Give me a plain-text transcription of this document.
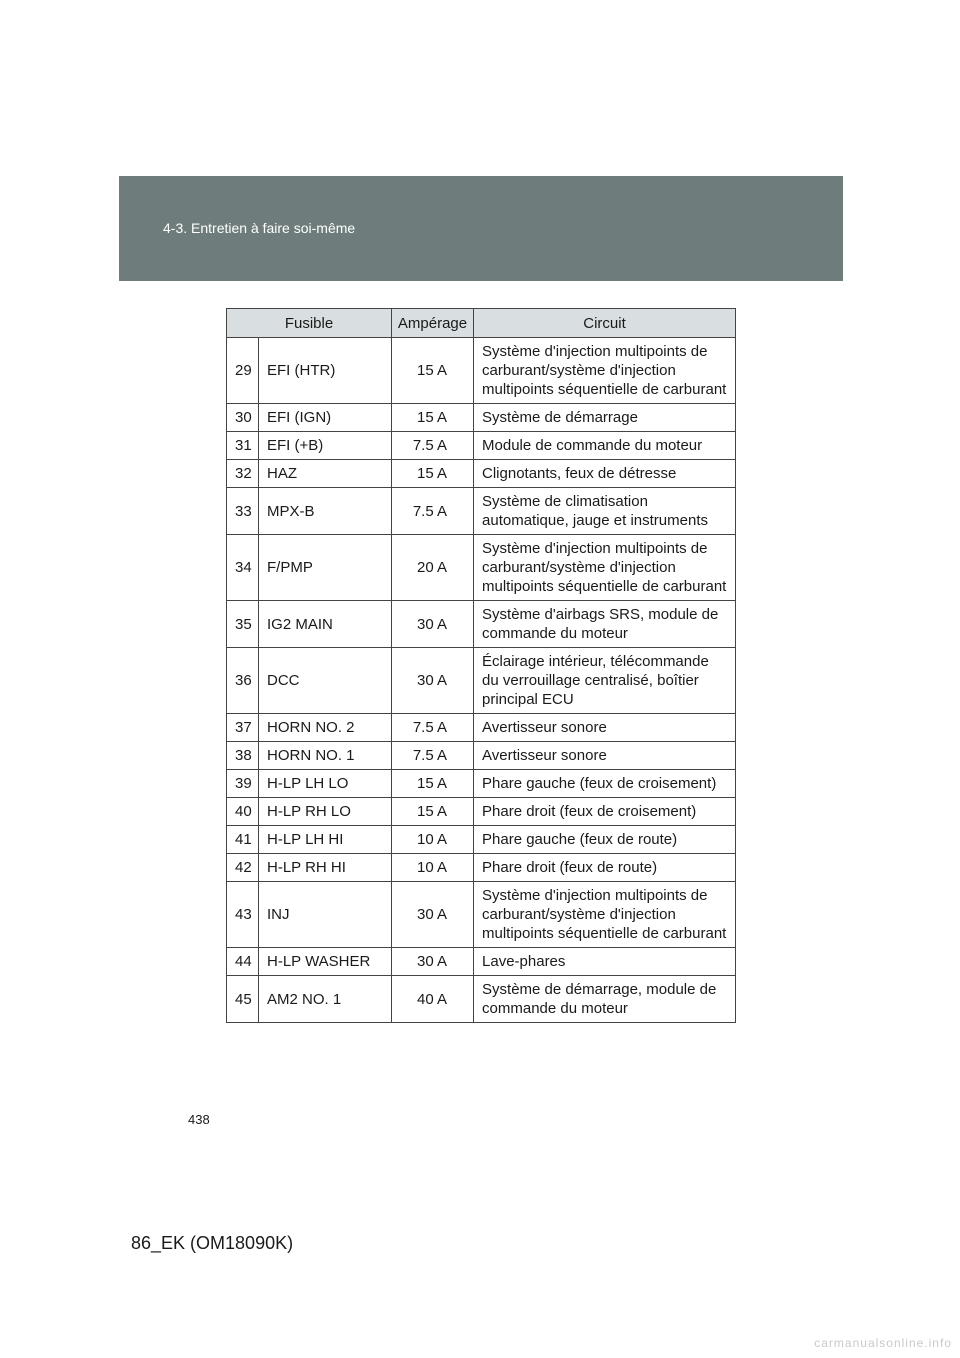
4-3. Entretien à faire soi-même
Fusible		Ampérage	Circuit
29	EFI (HTR)	15 A	Système d'injection multipoints de carburant/système d'injection multipoints séquentielle de carburant
30	EFI (IGN)	15 A	Système de démarrage
31	EFI (+B)	7.5 A	Module de commande du moteur
32	HAZ	15 A	Clignotants, feux de détresse
33	MPX-B	7.5 A	Système de climatisation automatique, jauge et instruments
34	F/PMP	20 A	Système d'injection multipoints de carburant/système d'injection multipoints séquentielle de carburant
35	IG2 MAIN	30 A	Système d'airbags SRS, module de commande du moteur
36	DCC	30 A	Éclairage intérieur, télécommande du verrouillage centralisé, boîtier principal ECU
37	HORN NO. 2	7.5 A	Avertisseur sonore
38	HORN NO. 1	7.5 A	Avertisseur sonore
39	H-LP LH LO	15 A	Phare gauche (feux de croisement)
40	H-LP RH LO	15 A	Phare droit (feux de croisement)
41	H-LP LH HI	10 A	Phare gauche (feux de route)
42	H-LP RH HI	10 A	Phare droit (feux de route)
43	INJ	30 A	Système d'injection multipoints de carburant/système d'injection multipoints séquentielle de carburant
44	H-LP WASHER	30 A	Lave-phares
45	AM2 NO. 1	40 A	Système de démarrage, module de commande du moteur
438
86_EK (OM18090K)
carmanualsonline.info
